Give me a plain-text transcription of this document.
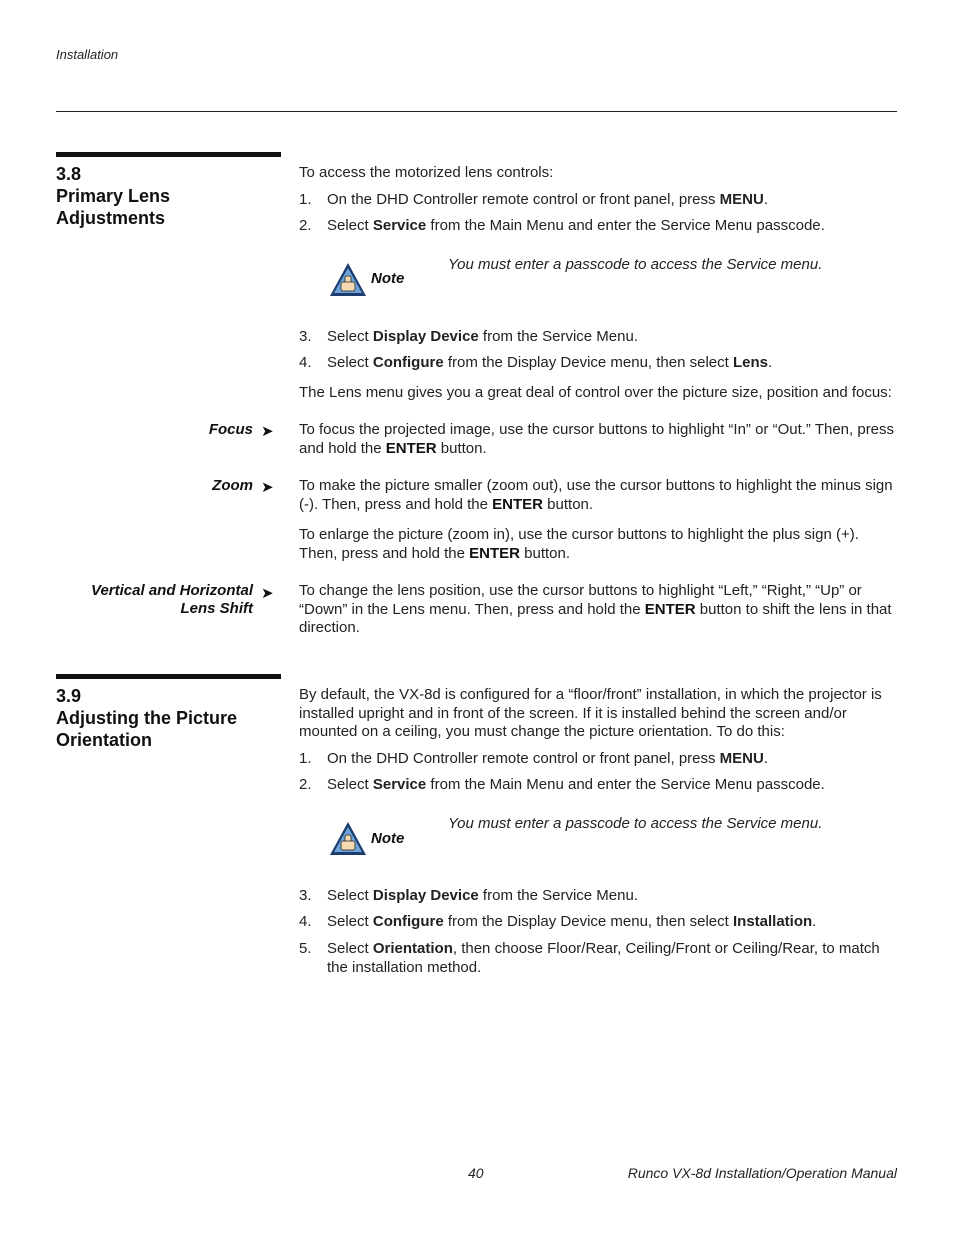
Installation
3.8
Primary Lens
Adjustments
To access the motorized lens controls:
1. On the DHD Controller remote control or front panel, press MENU.
2. Select Service from the Main Menu and enter the Service Menu passcode.
Note
You must enter a passcode to access the Service menu.
3. Select Display Device from the Service Menu.
4. Select Configure from the Display Device menu, then select Lens.
The Lens menu gives you a great deal of control over the picture size, position and focus:
Focus ➤ To focus the projected image, use the cursor buttons to highlight “In” or “Out.” Then, press and hold the ENTER button.
Zoom ➤ To make the picture smaller (zoom out), use the cursor buttons to highlight the minus sign (-). Then, press and hold the ENTER button.
To enlarge the picture (zoom in), use the cursor buttons to highlight the plus sign (+). Then, press and hold the ENTER button.
Vertical and Horizontal
Lens Shift
➤ To change the lens position, use the cursor buttons to highlight “Left,” “Right,” “Up” or “Down” in the Lens menu. Then, press and hold the ENTER button to shift the lens in that direction.
3.9
Adjusting the Picture
Orientation
By default, the VX-8d is configured for a “floor/front” installation, in which the projector is installed upright and in front of the screen. If it is installed behind the screen and/or mounted on a ceiling, you must change the picture orientation. To do this:
1. On the DHD Controller remote control or front panel, press MENU.
2. Select Service from the Main Menu and enter the Service Menu passcode.
Note
You must enter a passcode to access the Service menu.
3. Select Display Device from the Service Menu.
4. Select Configure from the Display Device menu, then select Installation.
5. Select Orientation, then choose Floor/Rear, Ceiling/Front or Ceiling/Rear, to match the installation method.
40	Runco VX-8d Installation/Operation Manual
